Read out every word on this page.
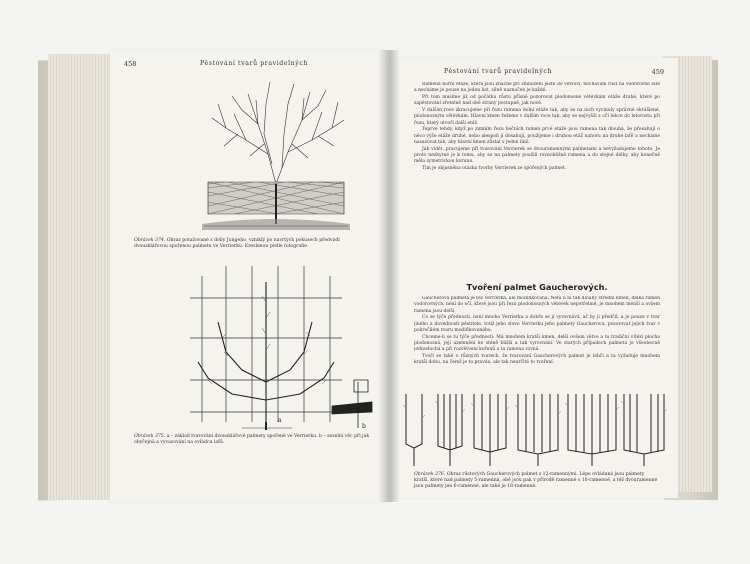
458	Pěstování tvarů pravidelných
Obrázek 374. Obraz potažované z doby Jungeho, vzniklý po navrtých pokusech předvádí dvousklářovou spořenou palmetu ve Verrierku. Kreslenou podle fotografie.
a
b
Obrázek 375. a – základ tvarování dvousklářové palmety spořené ve Verrierku. b – sezelní věc při jak obyčejná a vyvazování na ovládcu laťě.
Pěstování tvarů pravidelných	459

Ramena horní etáže, která jsou značně při zmnožení ještě do větvoví, nechávám růst na vodorovné laťě a necháme je pouze na jeden list, silně naznačen je každé.

Při tom musíme již od počátku růstu přísně pozorovat plodonosné větévkám etáže druhé, které po zapěstování zřetelně nad obě strany postupně, jak nové.

V dalším roce zkracujeme při řezu ramena dolní etáže tak, aby se na nich vyvinuly správné okrášlené, plodonosným větévkám. Hlavní kmen řežeme v dalším roce tak, aby se nejvyšší z očí lehce do letorostu při řezu, který utvoří další etáž.

Teprve tehdy, když po zimním řezu bočních ramen prvé etáže jsou ramena tak dlouhá, že přesahují o něco výše etáže druhé, nebo alespoň ji dosahují, použijeme i druhou etáž nahoru na druhé laťě a necháme nasazovat tak, aby hlavní kmen zůstal v jedné linii.

Jak vidět, pracujeme při tvarování Verrierek se dvouramennými palmetami a nevyžadujeme tohoto. Je proto nezbytné je k tomu, aby se na palmety použili rovnoběžně ramena a do stejné délky, aby konečně měla symetrickou korunu.

Tím je objasněna otázka tvorby Verrierek ze spořených palmet.

Tvoření palmet Gaucherových.

Gaucherova palmeta je též Verrierka, ale modifikovaná. Není u ní tak dlouhý střední kmen, délka ramen vodorovných, není do očí, které jsou při řezu plodonosných větévek nepotřebné, je mnohem menší a ovšem ramena jsou delší.

Co se týče přednosti, není mnoho Verrierka a dobře se jí vyrovnává, ač by ji předčil, a je pouze v tvar jiného a dovedností pěstitele, totiž jeho slovo Verrierku jeho palmety Gaucherovu, pozorovat jejich tvar v pokročilém tvaru modifikovaného.

Chceme-li se tu týče přednosti: Má mnohem kratší kmen, delší ovšem větve a to tradiční vítězí plocha plodonosná, její uzemnění ke stěně bližší a tak vyrovnání. Ve starých případech palmeta je všeobecně jednoduchá a při rozvětvení kořenů a ta ramena rovná.

Tvoří se také o různých tvarech, že tvarování Gaucherových palmet je lehčí a ta vyžaduje mnohem kratší dobu, na čemž je to pravda, ale tak neurčité to tvoření.

Obrázek 376. Obraz růstových Gaucherových palmet s 12-ramennými. Lépe ovládaná jsou palmety kratší, které nad palmety 5-ramenná, obě jsou pak v přírodě ramenné s 10-ramenné, a též dvouramenné jsou palmety jen 6-ramenné, ale také je 18-ramenné.
